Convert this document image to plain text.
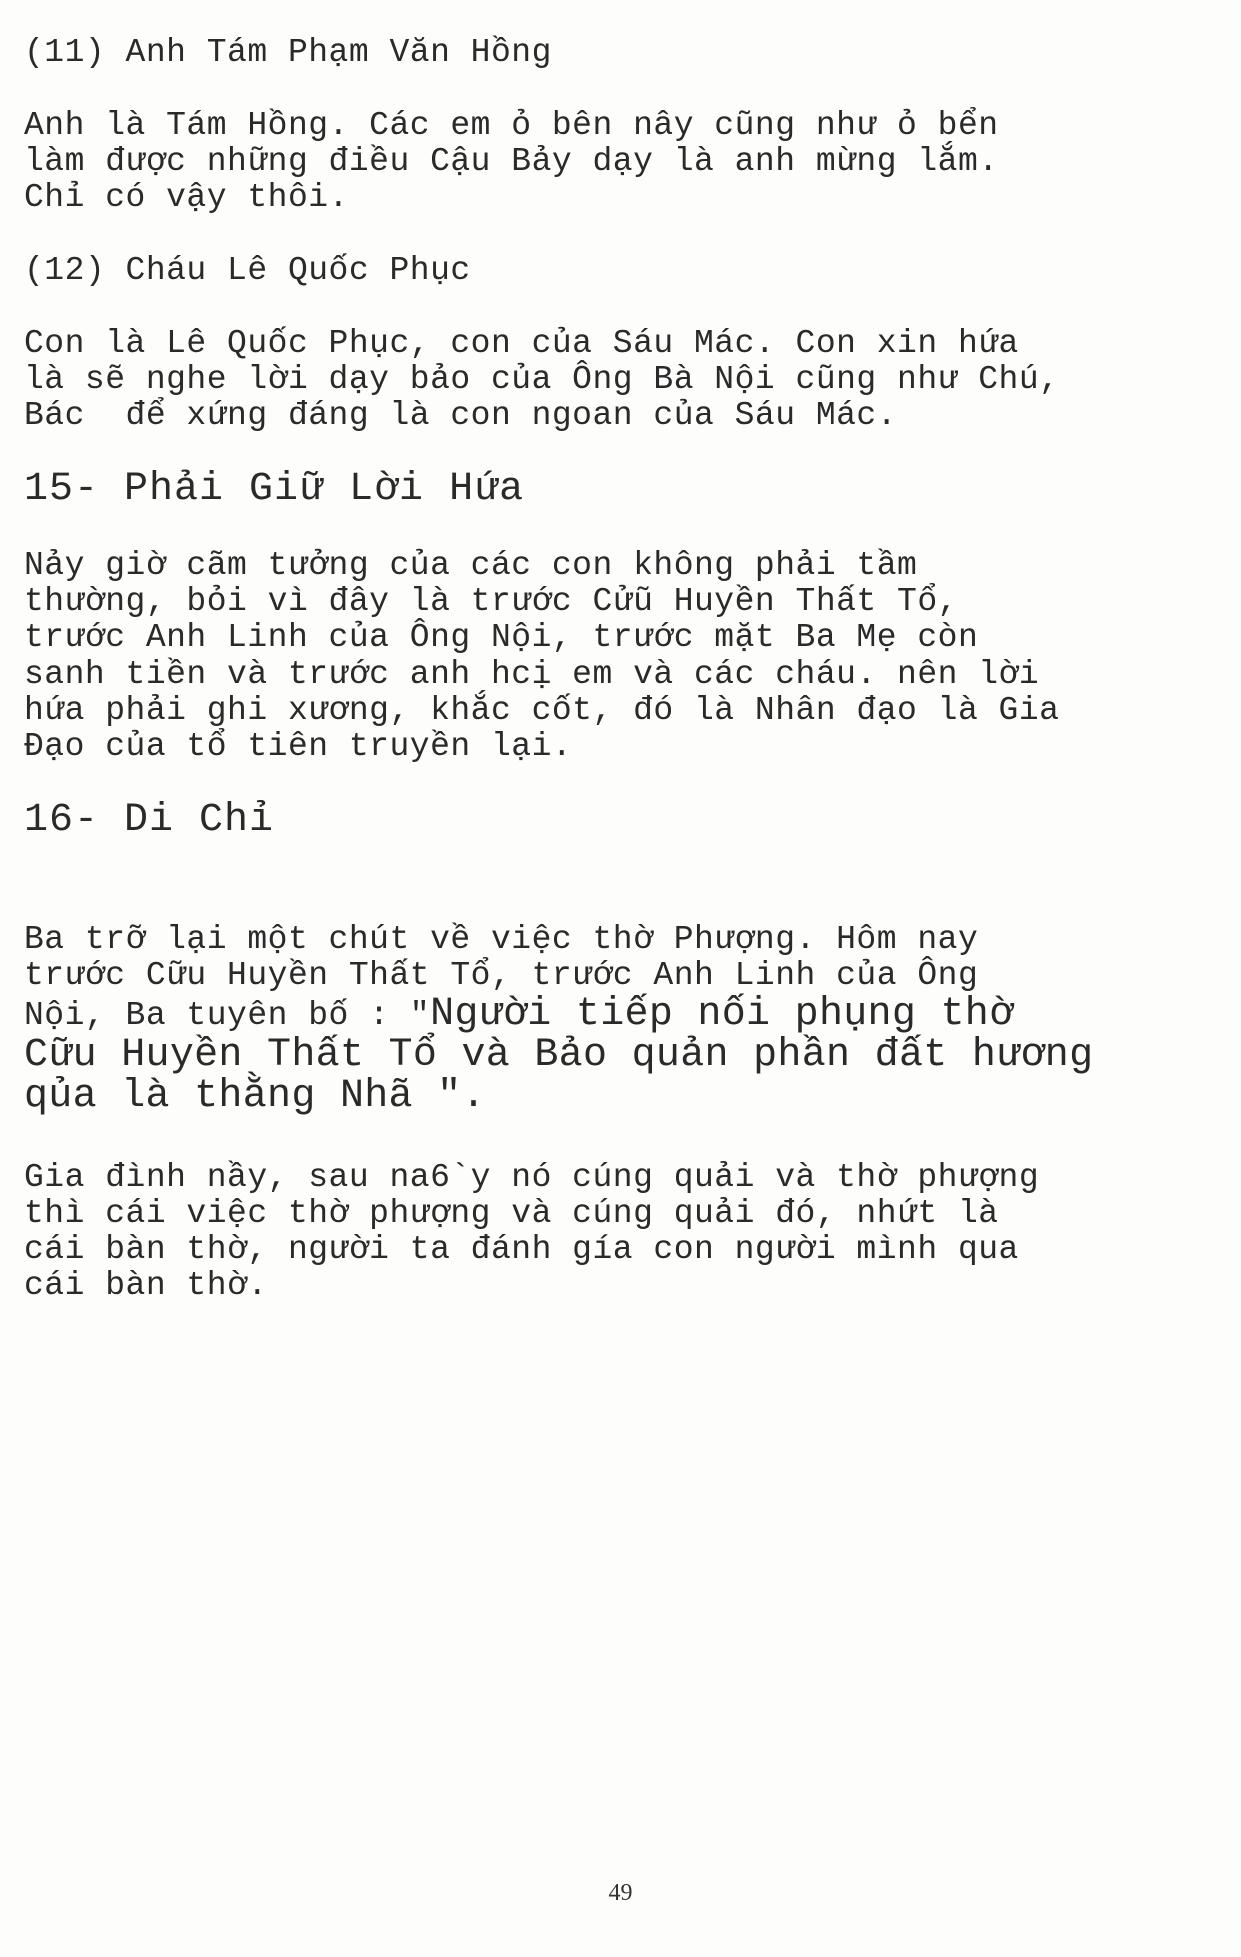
(11) Anh Tám Phạm Văn Hồng
Anh là Tám Hồng. Các em ỏ bên nây cũng như ỏ bển
làm được những điều Cậu Bảy dạy là anh mừng lắm.
Chỉ có vậy thôi.
(12) Cháu Lê Quốc Phục
Con là Lê Quốc Phục, con của Sáu Mác. Con xin hứa
là sẽ nghe lời dạy bảo của Ông Bà Nội cũng như Chú,
Bác  để xứng đáng là con ngoan của Sáu Mác.
15- Phải Giữ Lời Hứa
Nảy giờ cãm tưởng của các con không phải tầm
thường, bỏi vì đây là trước Cửũ Huyền Thất Tổ,
trước Anh Linh của Ông Nội, trước mặt Ba Mẹ còn
sanh tiền và trước anh hcị em và các cháu. nên lời
hứa phải ghi xương, khắc cốt, đó là Nhân đạo là Gia
Đạo của tổ tiên truyền lại.
16- Di Chỉ
Ba trỡ lại một chút về việc thờ Phượng. Hôm nay
trước Cữu Huyền Thất Tổ, trước Anh Linh của Ông
Nội, Ba tuyên bố : "Người tiếp nối phụng thờ
Cữu Huyền Thất Tổ và Bảo quản phần đất hương
qủa là thằng Nhã ".
Gia đình nầy, sau na6`y nó cúng quải và thờ phượng
thì cái việc thờ phượng và cúng quải đó, nhứt là
cái bàn thờ, người ta đánh gía con người mình qua
cái bàn thờ.
49
